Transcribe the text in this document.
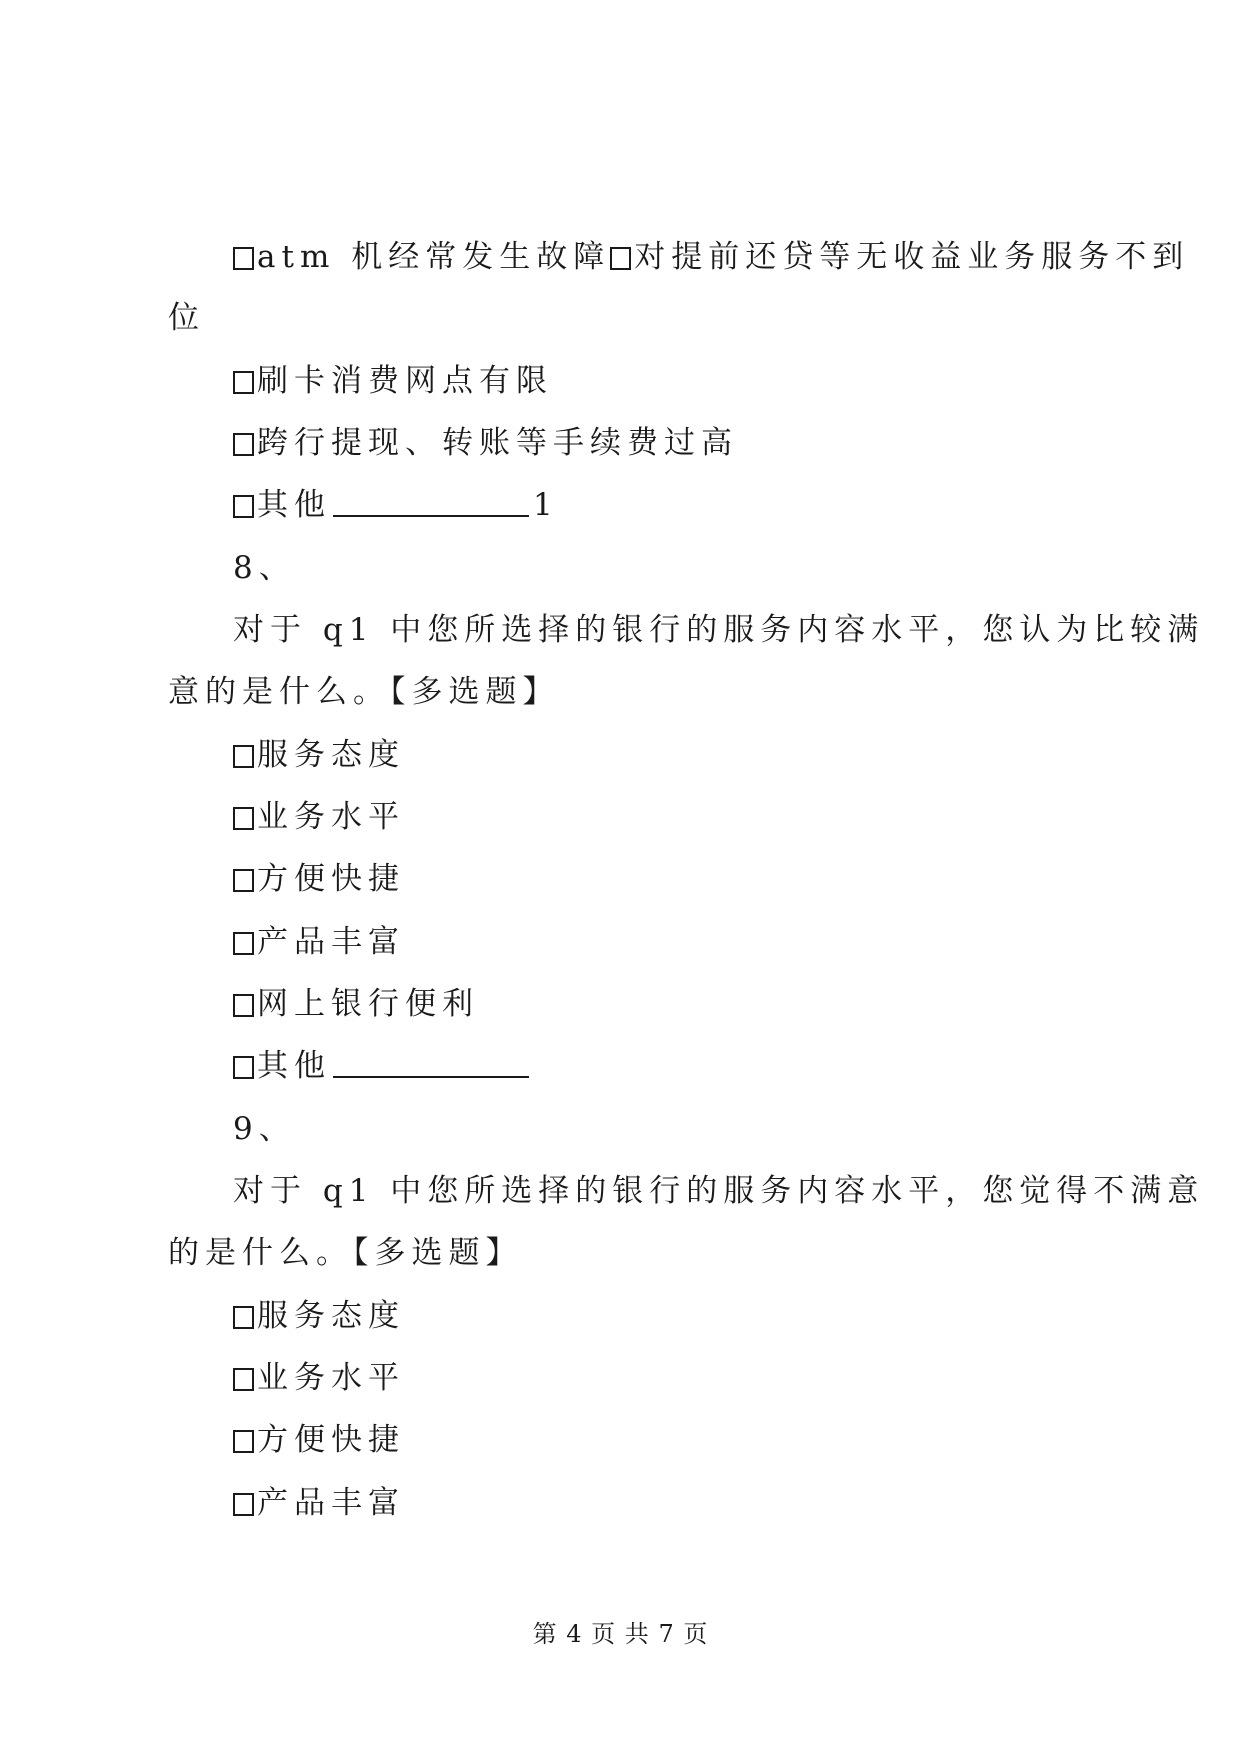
atm 机经常发生故障 对提前还贷等无收益业务服务不到
位
刷卡消费网点有限
跨行提现、转账等手续费过高
其他	1
8、
对于 q1 中您所选择的银行的服务内容水平，您认为比较满
意的是什么。【多选题】
服务态度
业务水平
方便快捷
产品丰富
网上银行便利
其他
9、
对于 q1 中您所选择的银行的服务内容水平，您觉得不满意
的是什么。【多选题】
服务态度
业务水平
方便快捷
产品丰富
第 4 页 共 7 页
